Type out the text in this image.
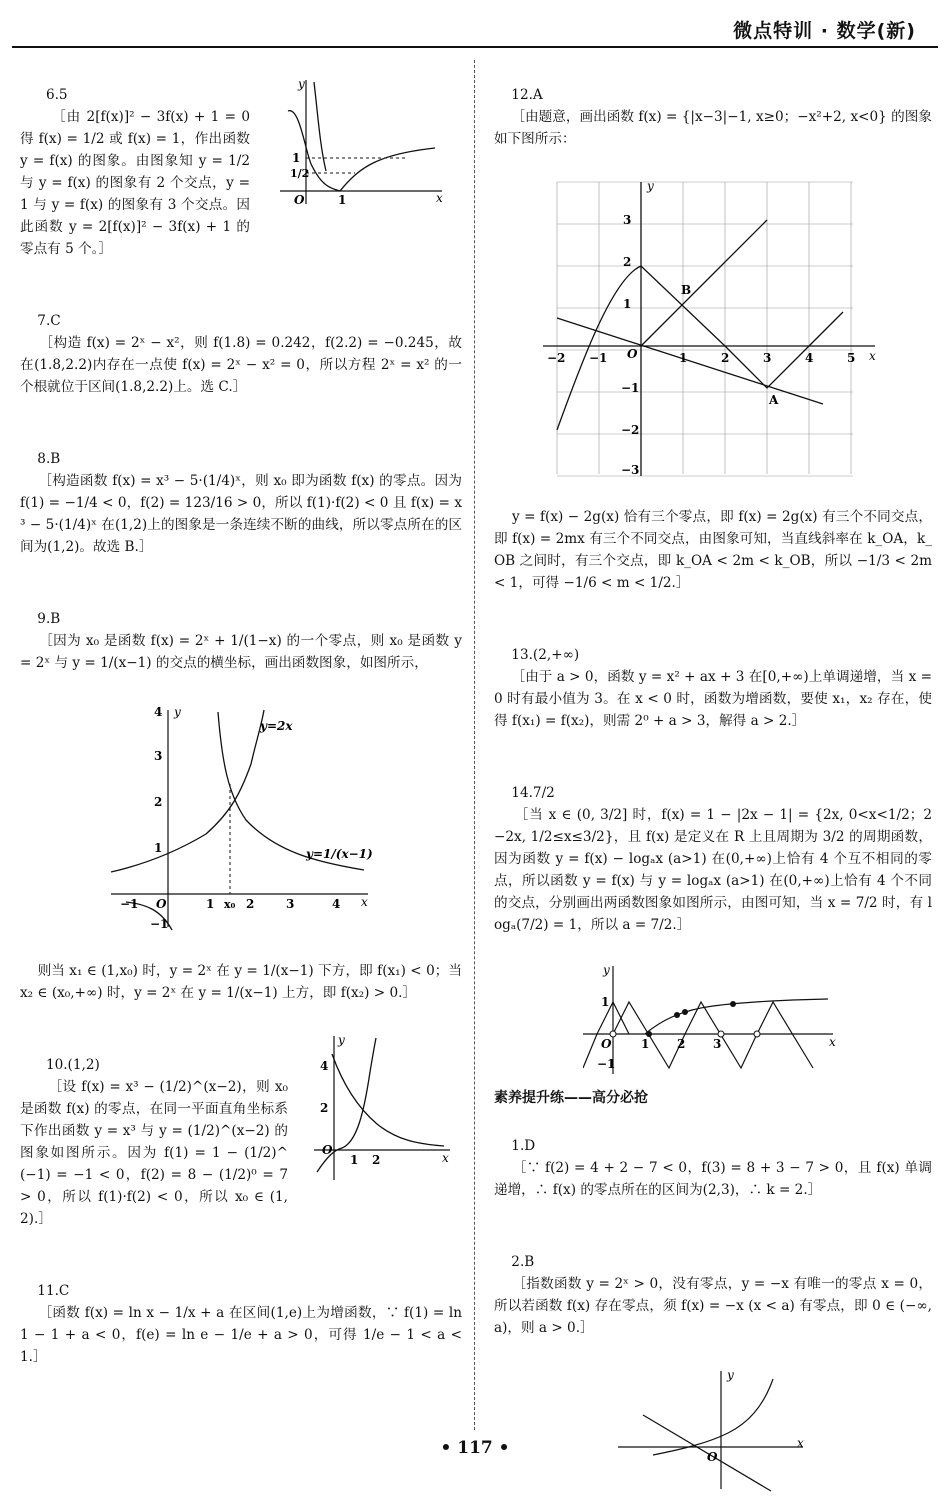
微点特训 · 数学(新)

6.5
［由 2[f(x)]² − 3f(x) + 1 = 0 得 f(x) = 1/2 或 f(x) = 1，作出函数 y = f(x) 的图象。由图象知 y = 1/2 与 y = f(x) 的图象有 2 个交点，y = 1 与 y = f(x) 的图象有 3 个交点。因此函数 y = 2[f(x)]² − 3f(x) + 1 的零点有 5 个。］

1
1/2
O	1	x
y

7.C
［构造 f(x) = 2ˣ − x²，则 f(1.8) = 0.242，f(2.2) = −0.245，故在(1.8,2.2)内存在一点使 f(x) = 2ˣ − x² = 0，所以方程 2ˣ = x² 的一个根就位于区间(1.8,2.2)上。选 C.］

8.B
［构造函数 f(x) = x³ − 5·(1/4)ˣ，则 x₀ 即为函数 f(x) 的零点。因为 f(1) = −1/4 < 0，f(2) = 123/16 > 0，所以 f(1)·f(2) < 0 且 f(x) = x³ − 5·(1/4)ˣ 在(1,2)上的图象是一条连续不断的曲线，所以零点所在的区间为(1,2)。故选 B.］

9.B
［因为 x₀ 是函数 f(x) = 2ˣ + 1/(1−x) 的一个零点，则 x₀ 是函数 y = 2ˣ 与 y = 1/(x−1) 的交点的横坐标，画出函数图象，如图所示，

y=2x
y=1/(x−1)
x₀
O	x
y
−1	1	2	3	4
1
2
3
4
−1

则当 x₁ ∈ (1,x₀) 时，y = 2ˣ 在 y = 1/(x−1) 下方，即 f(x₁) < 0；当 x₂ ∈ (x₀,+∞) 时，y = 2ˣ 在 y = 1/(x−1) 上方，即 f(x₂) > 0.］

10.(1,2)
［设 f(x) = x³ − (1/2)^(x−2)，则 x₀ 是函数 f(x) 的零点，在同一平面直角坐标系下作出函数 y = x³ 与 y = (1/2)^(x−2) 的图象如图所示。因为 f(1) = 1 − (1/2)^(−1) = −1 < 0，f(2) = 8 − (1/2)⁰ = 7 > 0，所以 f(1)·f(2) < 0，所以 x₀ ∈ (1,2).］

O
x
y
1 2
2
4

11.C
［函数 f(x) = ln x − 1/x + a 在区间(1,e)上为增函数，∵ f(1) = ln 1 − 1 + a < 0，f(e) = ln e − 1/e + a > 0，可得 1/e − 1 < a < 1.］

12.A
［由题意，画出函数 f(x) = {|x−3|−1, x≥0；−x²+2, x<0} 的图象如下图所示：

A
B
O	x
y
−2 −1	1	2	3	4	5
3
2
1
−1
−2
−3

y = f(x) − 2g(x) 恰有三个零点，即 f(x) = 2g(x) 有三个不同交点，即 f(x) = 2mx 有三个不同交点，由图象可知，当直线斜率在 k_OA，k_OB 之间时，有三个交点，即 k_OA < 2m < k_OB，所以 −1/3 < 2m < 1，可得 −1/6 < m < 1/2.］

13.(2,+∞)
［由于 a > 0，函数 y = x² + ax + 3 在[0,+∞)上单调递增，当 x = 0 时有最小值为 3。在 x < 0 时，函数为增函数，要使 x₁，x₂ 存在，使得 f(x₁) = f(x₂)，则需 2⁰ + a > 3，解得 a > 2.］

14.7/2
［当 x ∈ (0, 3/2] 时，f(x) = 1 − |2x − 1| = {2x, 0<x<1/2；2−2x, 1/2≤x≤3/2}，且 f(x) 是定义在 R 上且周期为 3/2 的周期函数，因为函数 y = f(x) − logₐx (a>1) 在(0,+∞)上恰有 4 个互不相同的零点，所以函数 y = f(x) 与 y = logₐx (a>1) 在(0,+∞)上恰有 4 个不同的交点，分别画出两函数图象如图所示，由图可知，当 x = 7/2 时，有 logₐ(7/2) = 1，所以 a = 7/2.］

O	x
y
1 2 3
1
−1
素养提升练——高分必抢

1.D
［∵ f(2) = 4 + 2 − 7 < 0，f(3) = 8 + 3 − 7 > 0，且 f(x) 单调递增，∴ f(x) 的零点所在的区间为(2,3)，∴ k = 2.］

2.B
［指数函数 y = 2ˣ > 0，没有零点，y = −x 有唯一的零点 x = 0，所以若函数 f(x) 存在零点，须 f(x) = −x (x < a) 有零点，即 0 ∈ (−∞,a)，则 a > 0.］

O
x
y
• 117 •
